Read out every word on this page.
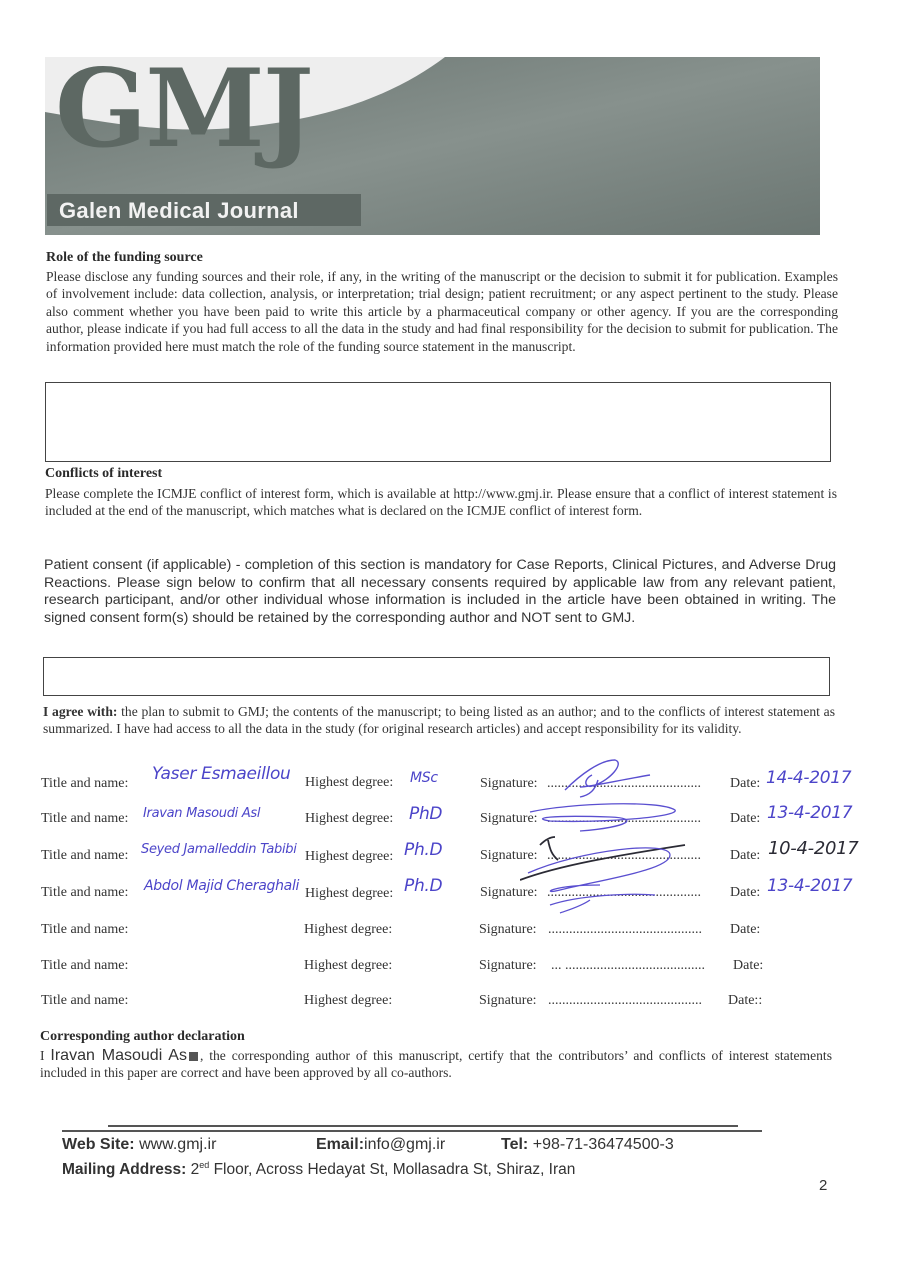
GMJ
Galen Medical Journal
Role of the funding source
Please disclose any funding sources and their role, if any, in the writing of the manuscript or the decision to submit it for publication. Examples of involvement include: data collection, analysis, or interpretation; trial design; patient recruitment; or any aspect pertinent to the study. Please also comment whether you have been paid to write this article by a pharmaceutical company or other agency. If you are the corresponding author, please indicate if you had full access to all the data in the study and had final responsibility for the decision to submit for publication. The information provided here must match the role of the funding source statement in the manuscript.
Conflicts of interest
Please complete the ICMJE conflict of interest form, which is available at http://www.gmj.ir. Please ensure that a conflict of interest statement is included at the end of the manuscript, which matches what is declared on the ICMJE conflict of interest form.
Patient consent (if applicable) - completion of this section is mandatory for Case Reports, Clinical Pictures, and Adverse Drug Reactions. Please sign below to confirm that all necessary consents required by applicable law from any relevant patient, research participant, and/or other individual whose information is included in the article have been obtained in writing. The signed consent form(s) should be retained by the corresponding author and NOT sent to GMJ.
I agree with: the plan to submit to GMJ; the contents of the manuscript; to being listed as an author; and to the conflicts of interest statement as summarized. I have had access to all the data in the study (for original research articles) and accept responsibility for its validity.
Title and name: Yaser Esmaeillou Highest degree: MSc	Signature: ............................................ Date: 14-4-2017
Title and name: Iravan Masoudi Asl	Highest degree: PhD	Signature: ............................................ Date: 13-4-2017
Title and name: Seyed Jamalleddin Tabibi Highest degree: Ph.D	Signature: ............................................ Date: 10-4-2017
Title and name: Abdol Majid Cheraghali Highest degree: Ph.D	Signature: ............................................ Date: 13-4-2017
Title and name:	Highest degree:	Signature: ............................................ Date:
Title and name:	Highest degree:	Signature: ... ........................................ Date:
Title and name:	Highest degree:	Signature: ............................................ Date::
Corresponding author declaration
I Iravan Masoudi As , the corresponding author of this manuscript, certify that the contributors’ and conflicts of interest statements included in this paper are correct and have been approved by all co-authors.
Web Site: www.gmj.ir	Email:info@gmj.ir	Tel: +98-71-36474500-3
Mailing Address: $2^{ed}$ Floor, Across Hedayat St, Mollasadra St, Shiraz, Iran
2
